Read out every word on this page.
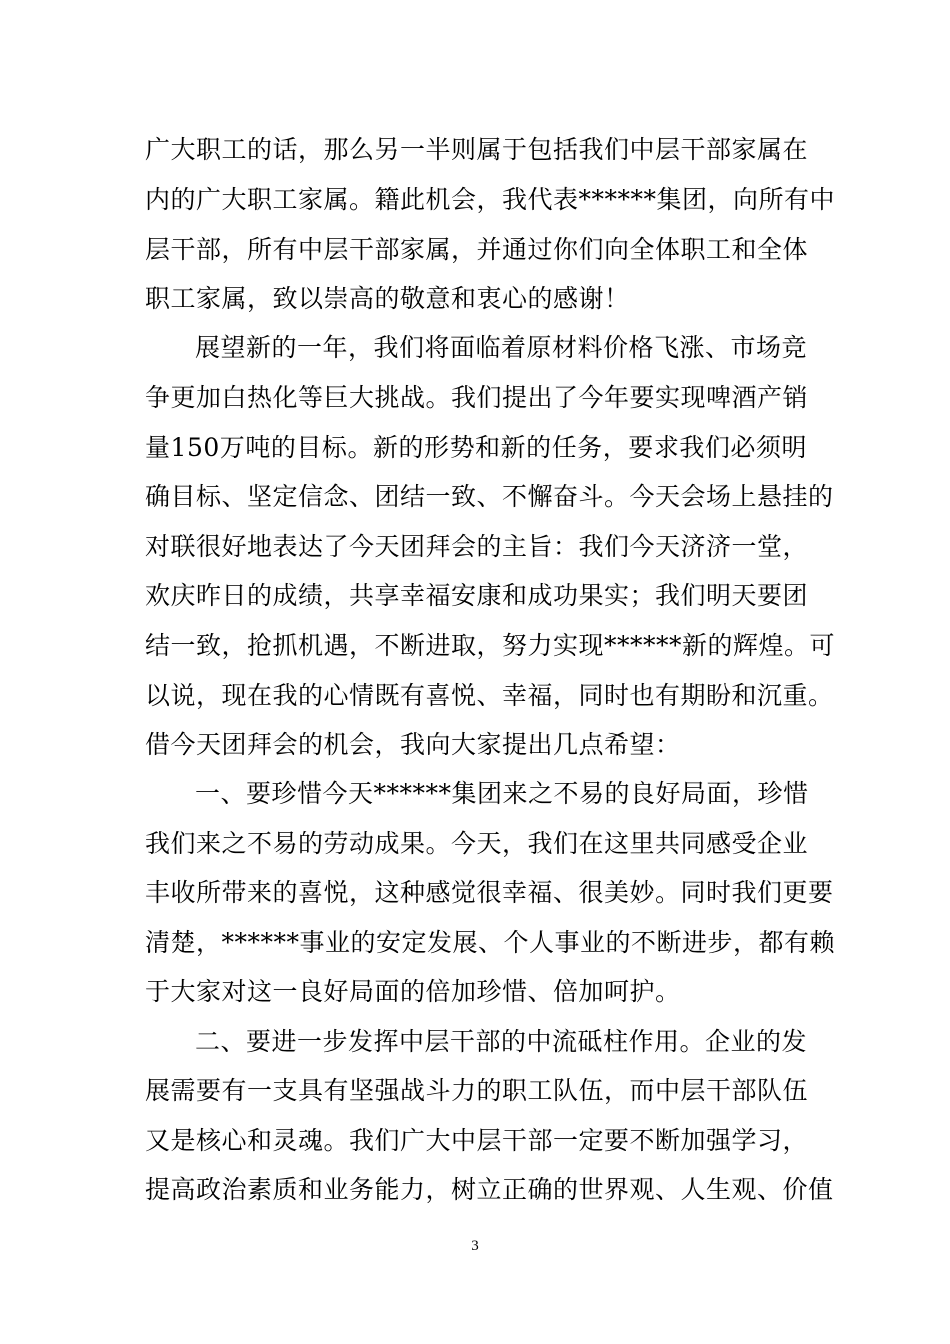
广大职工的话，那么另一半则属于包括我们中层干部家属在
内的广大职工家属。籍此机会，我代表******集团，向所有中
层干部，所有中层干部家属，并通过你们向全体职工和全体
职工家属，致以崇高的敬意和衷心的感谢！
展望新的一年，我们将面临着原材料价格飞涨、市场竞
争更加白热化等巨大挑战。我们提出了今年要实现啤酒产销
量150万吨的目标。新的形势和新的任务，要求我们必须明
确目标、坚定信念、团结一致、不懈奋斗。今天会场上悬挂的
对联很好地表达了今天团拜会的主旨：我们今天济济一堂，
欢庆昨日的成绩，共享幸福安康和成功果实；我们明天要团
结一致，抢抓机遇，不断进取，努力实现******新的辉煌。可
以说，现在我的心情既有喜悦、幸福，同时也有期盼和沉重。
借今天团拜会的机会，我向大家提出几点希望：
一、要珍惜今天******集团来之不易的良好局面，珍惜
我们来之不易的劳动成果。今天，我们在这里共同感受企业
丰收所带来的喜悦，这种感觉很幸福、很美妙。同时我们更要
清楚，******事业的安定发展、个人事业的不断进步，都有赖
于大家对这一良好局面的倍加珍惜、倍加呵护。
二、要进一步发挥中层干部的中流砥柱作用。企业的发
展需要有一支具有坚强战斗力的职工队伍，而中层干部队伍
又是核心和灵魂。我们广大中层干部一定要不断加强学习，
提高政治素质和业务能力，树立正确的世界观、人生观、价值
3
